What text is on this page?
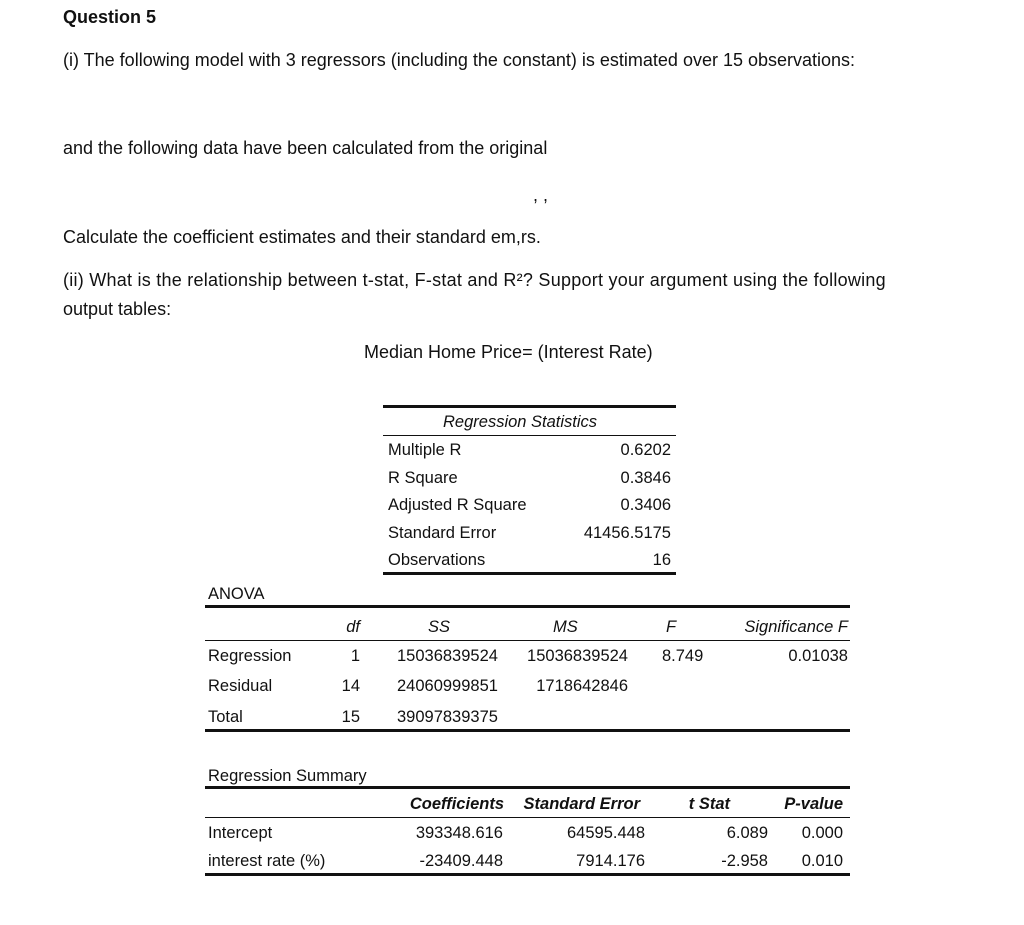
Question 5
(i) The following model with 3 regressors (including the constant) is estimated over 15 observations:
and the following data have been calculated from the original
, ,
Calculate the coefficient estimates and their standard em,rs.
(ii) What is the relationship between t-stat, F-stat and R²? Support your argument using the following
output tables:
Median Home Price= (Interest Rate)
Regression Statistics
ANOVA
df	SS	MS	F	Significance F
Regression Summary
Coefficients	Standard Error	t Stat	P-value
Multiple R	0.6202
R Square	0.3846
Adjusted R Square	0.3406
Standard Error	41456.5175
Observations	16
Regression	1 15036839524	15036839524 8.749	0.01038
Residual	14 24060999851	1718642846
Total	15 39097839375
Intercept	393348.616	64595.448	6.089	0.000
interest rate (%)	-23409.448	7914.176	-2.958	0.010
